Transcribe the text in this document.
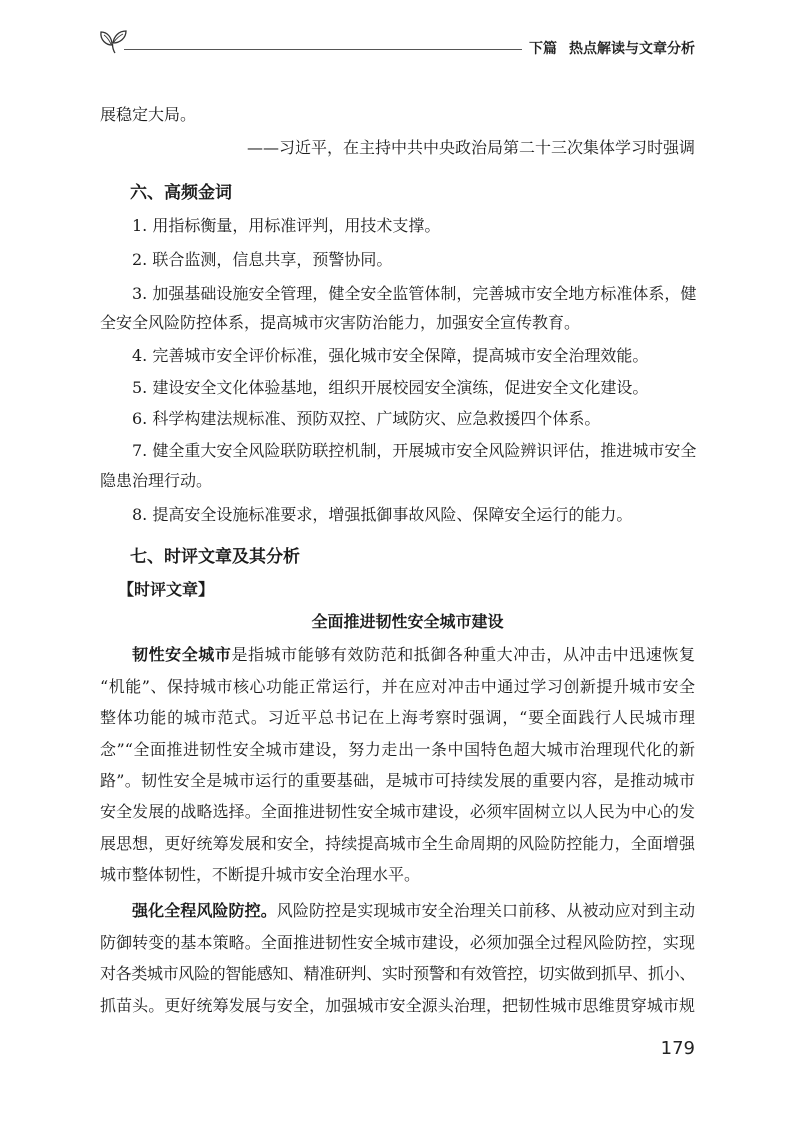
下篇 热点解读与文章分析
展稳定大局。
——习近平，在主持中共中央政治局第二十三次集体学习时强调
六、高频金词
1. 用指标衡量，用标准评判，用技术支撑。
2. 联合监测，信息共享，预警协同。
3. 加强基础设施安全管理，健全安全监管体制，完善城市安全地方标准体系，健
全安全风险防控体系，提高城市灾害防治能力，加强安全宣传教育。
4. 完善城市安全评价标准，强化城市安全保障，提高城市安全治理效能。
5. 建设安全文化体验基地，组织开展校园安全演练，促进安全文化建设。
6. 科学构建法规标准、预防双控、广域防灾、应急救援四个体系。
7. 健全重大安全风险联防联控机制，开展城市安全风险辨识评估，推进城市安全
隐患治理行动。
8. 提高安全设施标准要求，增强抵御事故风险、保障安全运行的能力。
七、时评文章及其分析
【时评文章】
全面推进韧性安全城市建设
韧性安全城市是指城市能够有效防范和抵御各种重大冲击，从冲击中迅速恢复
“机能”、保持城市核心功能正常运行，并在应对冲击中通过学习创新提升城市安全
整体功能的城市范式。习近平总书记在上海考察时强调，“要全面践行人民城市理
念”“全面推进韧性安全城市建设，努力走出一条中国特色超大城市治理现代化的新
路”。韧性安全是城市运行的重要基础，是城市可持续发展的重要内容，是推动城市
安全发展的战略选择。全面推进韧性安全城市建设，必须牢固树立以人民为中心的发
展思想，更好统筹发展和安全，持续提高城市全生命周期的风险防控能力，全面增强
城市整体韧性，不断提升城市安全治理水平。
强化全程风险防控。风险防控是实现城市安全治理关口前移、从被动应对到主动
防御转变的基本策略。全面推进韧性安全城市建设，必须加强全过程风险防控，实现
对各类城市风险的智能感知、精准研判、实时预警和有效管控，切实做到抓早、抓小、
抓苗头。更好统筹发展与安全，加强城市安全源头治理，把韧性城市思维贯穿城市规
179
